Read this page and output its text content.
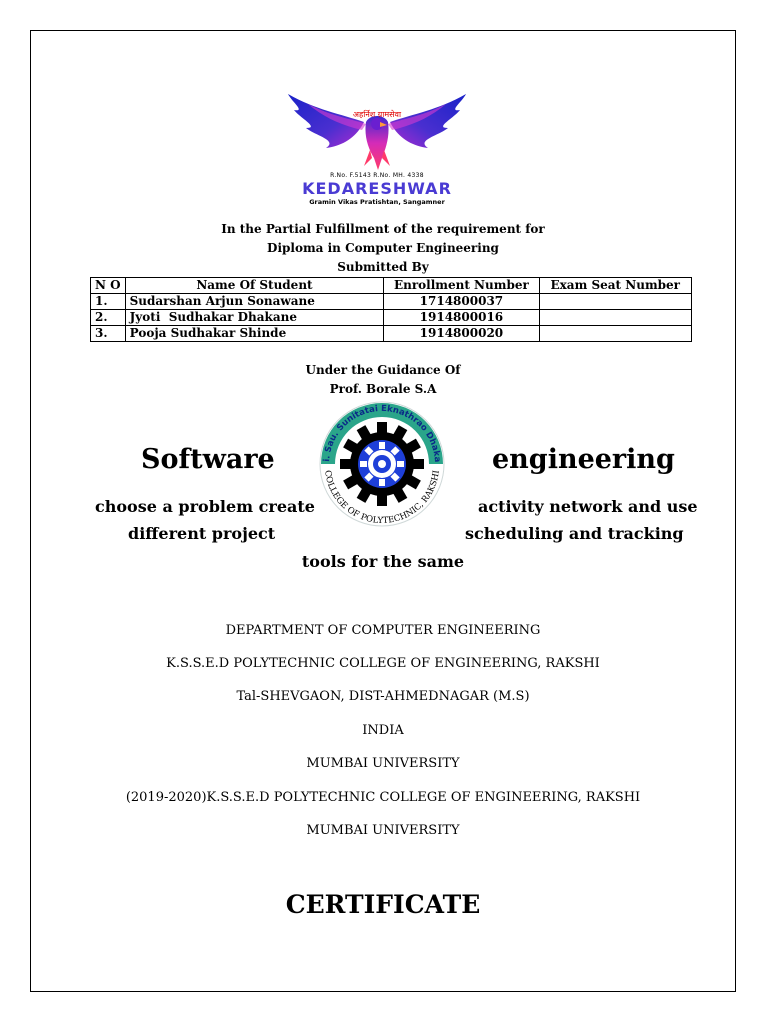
अहर्निश ग्रामसेवा
R.No. F.5143 R.No. MH. 4338
KEDARESHWAR
Gramin Vikas Pratishtan, Sangamner
In the Partial Fulfillment of the requirement for
Diploma in Computer Engineering
Submitted By
N O	Name Of Student	Enrollment Number	Exam Seat Number
1.	Sudarshan Arjun Sonawane	1714800037	
2.	Jyoti  Sudhakar Dhakane	1914800016	
3.	Pooja Sudhakar Shinde	1914800020	
Under the Guidance Of
Prof. Borale S.A
i. Sau. Sunitatai Eknathrao Dhaka
COLLEGE OF POLYTECHNIC, RAKSHI
Software	engineering
choose a problem create	activity network and use
different project	scheduling and tracking
tools for the same
DEPARTMENT OF COMPUTER ENGINEERING
K.S.S.E.D POLYTECHNIC COLLEGE OF ENGINEERING, RAKSHI
Tal-SHEVGAON, DIST-AHMEDNAGAR (M.S)
INDIA
MUMBAI UNIVERSITY
(2019-2020)K.S.S.E.D POLYTECHNIC COLLEGE OF ENGINEERING, RAKSHI
MUMBAI UNIVERSITY
CERTIFICATE
